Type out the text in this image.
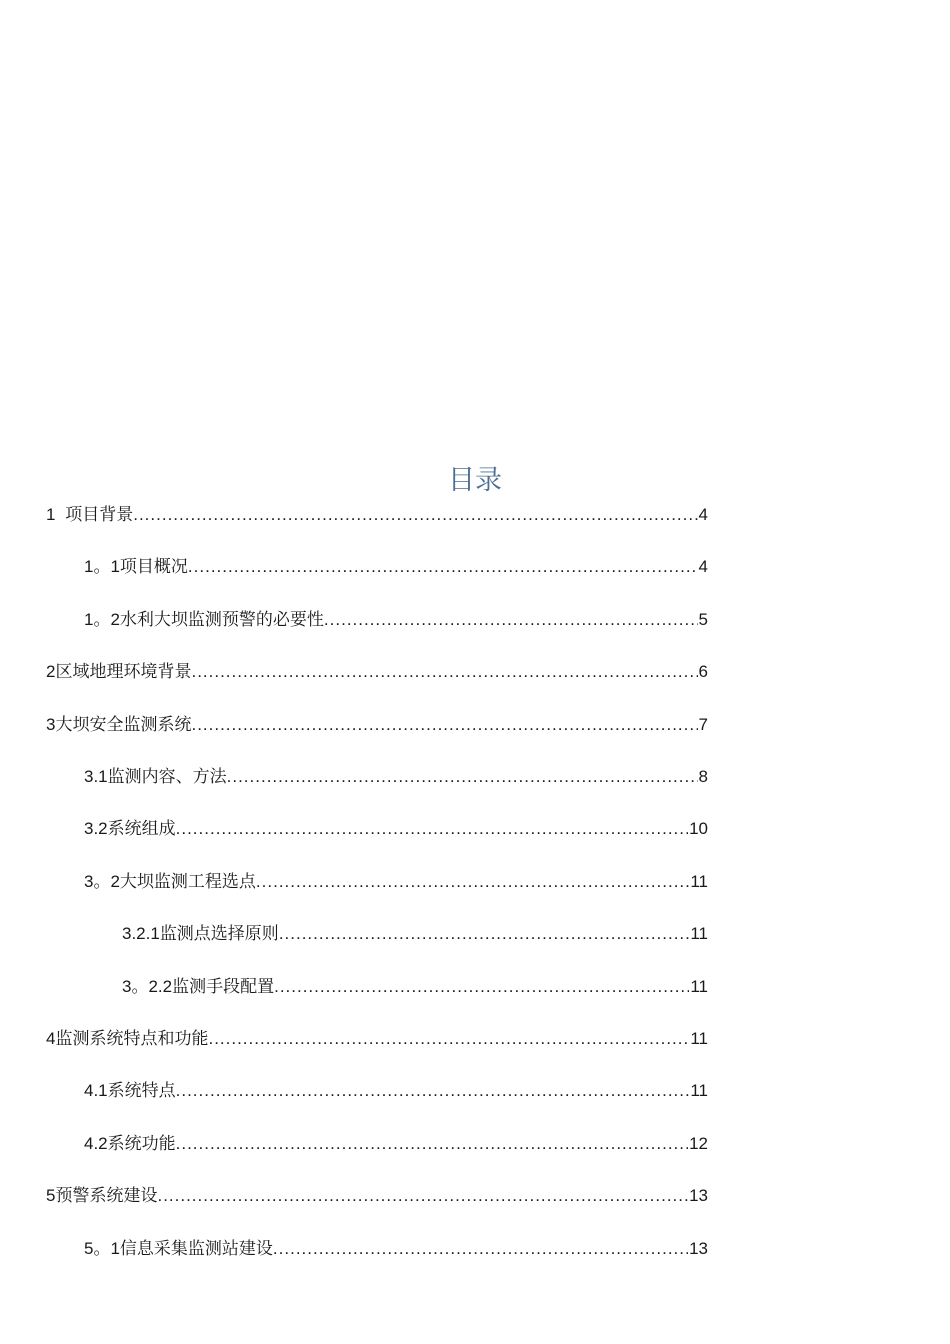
目录
1 项目背景 .....	4
1。1 项目概况 .....	4
1。2 水利大坝监测预警的必要性 .....	5
2 区域地理环境背景 .....	6
3 大坝安全监测系统 .....	7
3.1 监测内容、方法 .....	8
3.2 系统组成 .....	10
3。2 大坝监测工程选点 .....	11
3.2.1 监测点选择原则 .....	11
3。2.2 监测手段配置 .....	11
4 监测系统特点和功能 .....	11
4.1 系统特点 .....	11
4.2 系统功能 .....	12
5 预警系统建设 .....	13
5。1 信息采集监测站建设 .....	13
